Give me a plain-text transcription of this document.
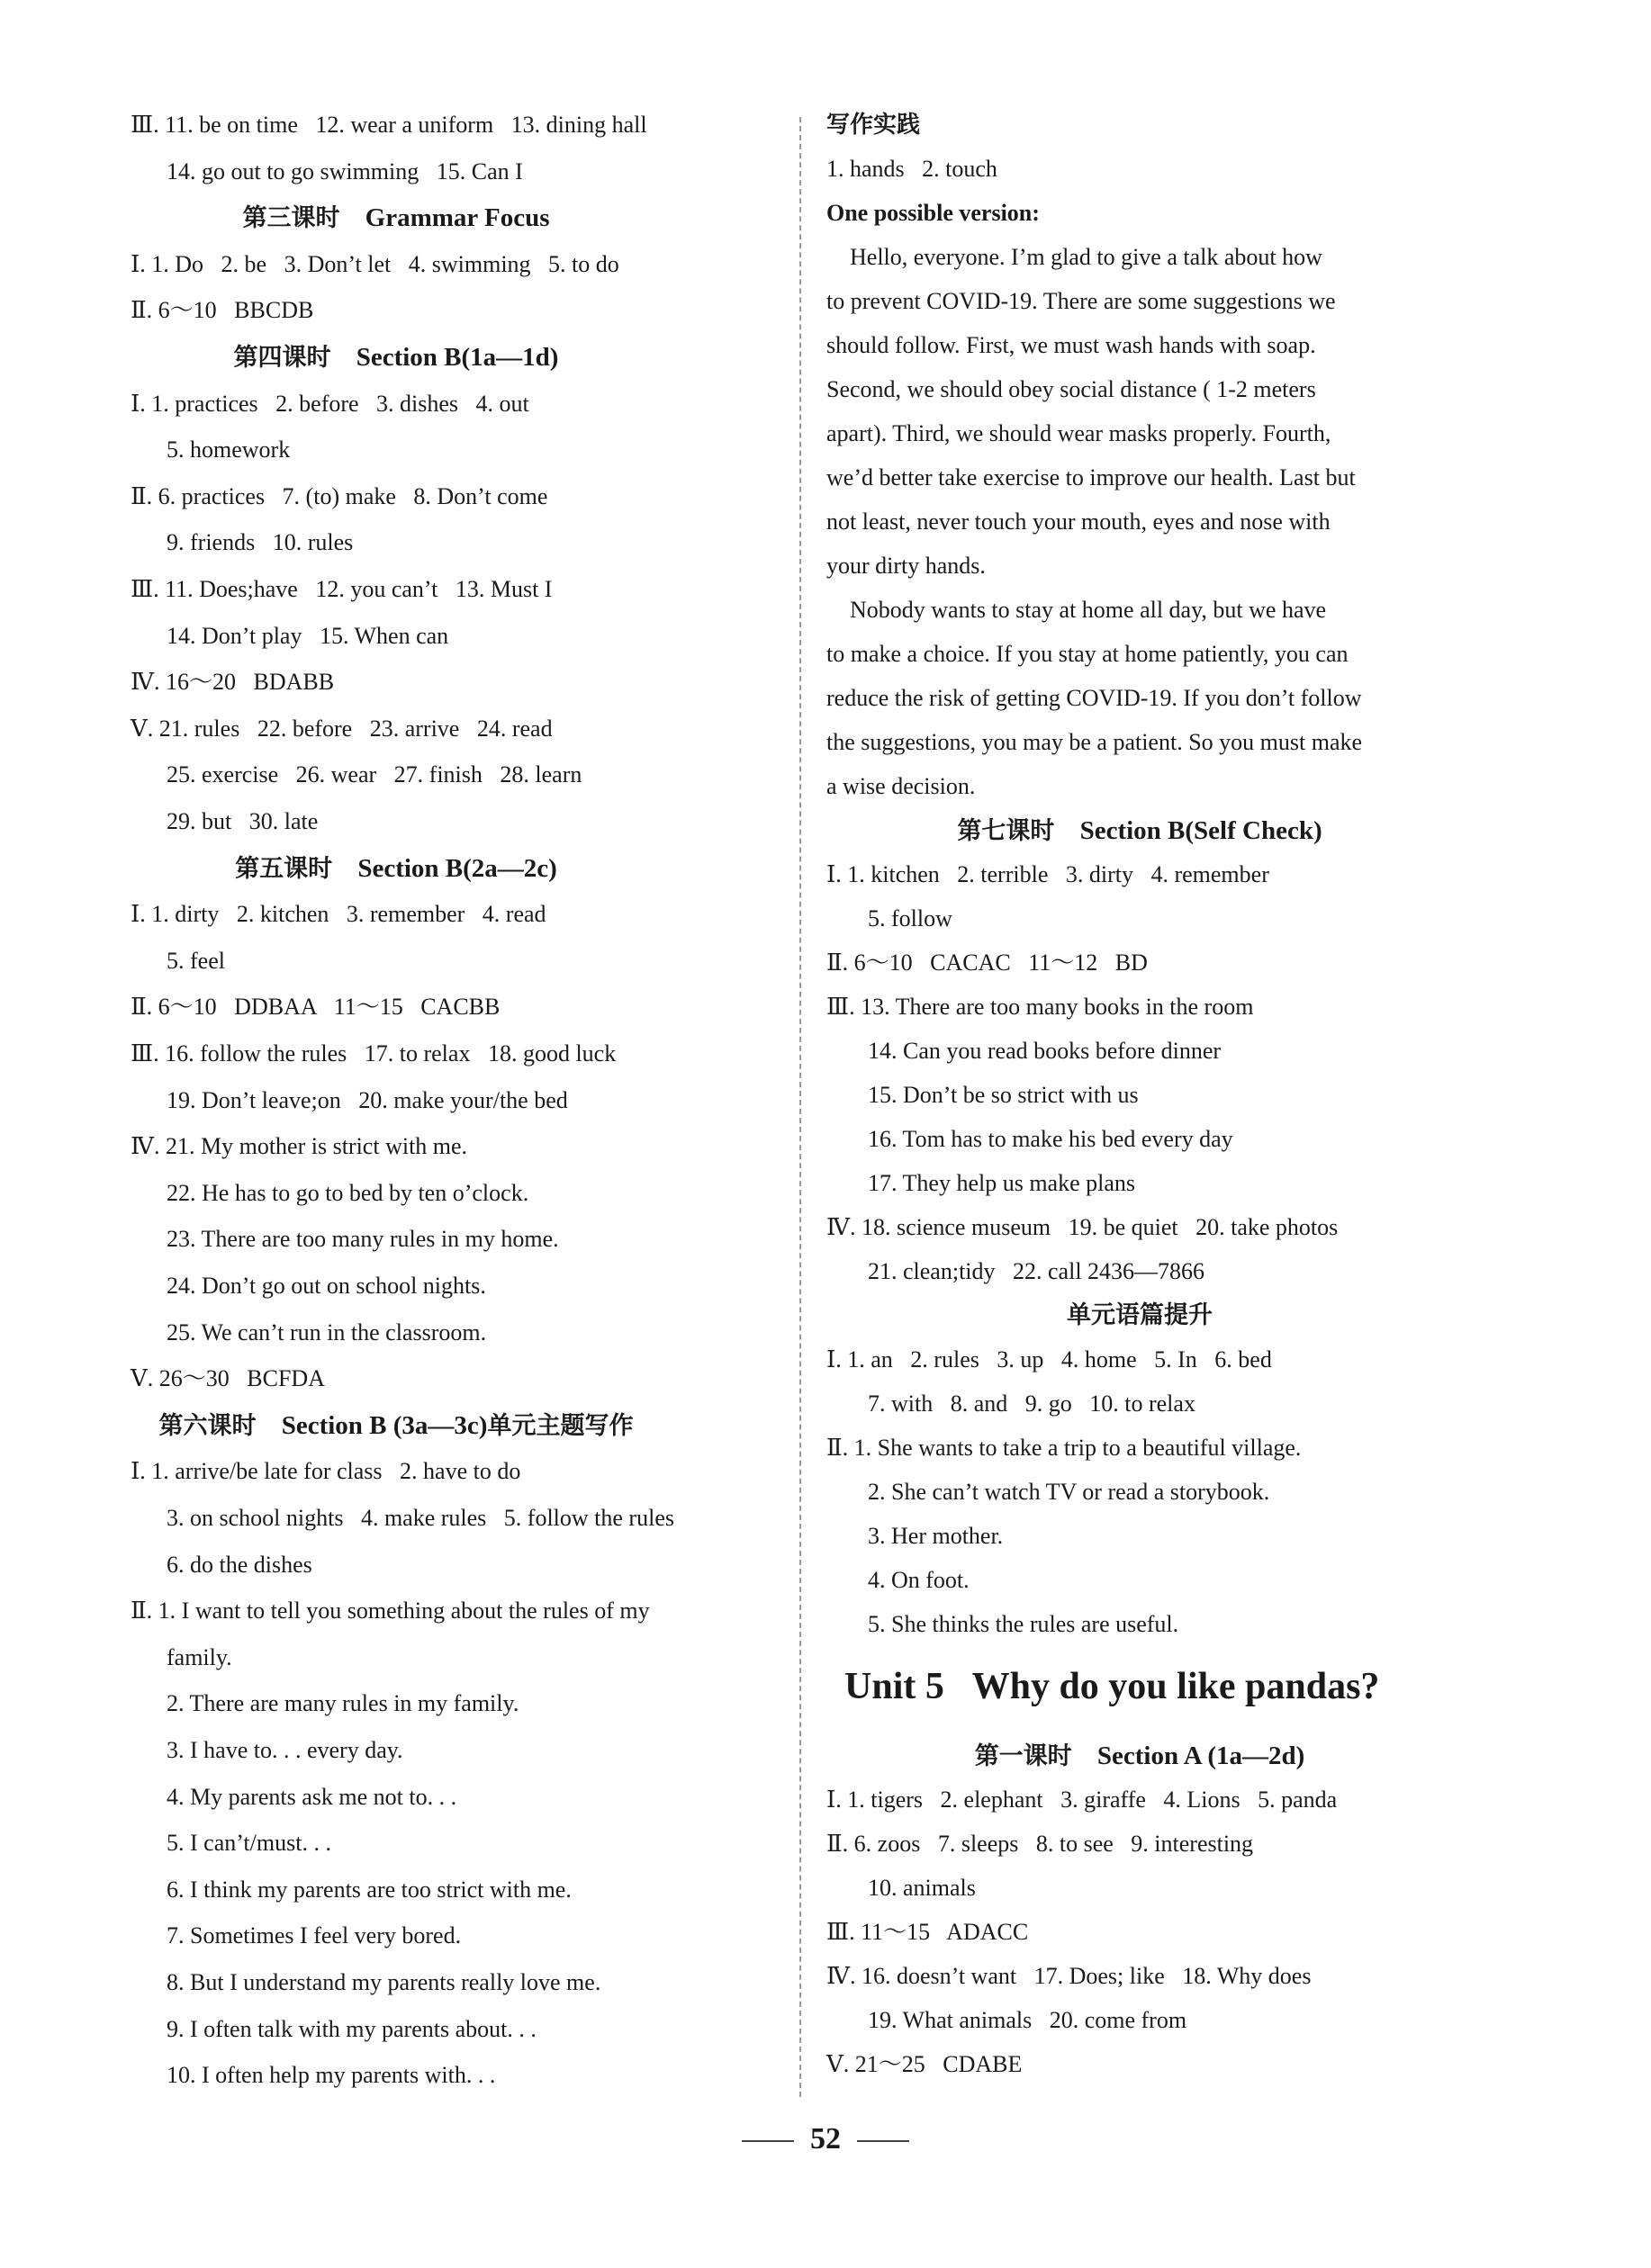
Ⅲ. 11. be on time   12. wear a uniform   13. dining hall
14. go out to go swimming   15. Can I
第三课时 Grammar Focus
Ⅰ. 1. Do   2. be   3. Don’t let   4. swimming   5. to do
Ⅱ. 6～10   BBCDB
第四课时 Section B(1a—1d)
Ⅰ. 1. practices   2. before   3. dishes   4. out
5. homework
Ⅱ. 6. practices   7. (to) make   8. Don’t come
9. friends   10. rules
Ⅲ. 11. Does;have   12. you can’t   13. Must I
14. Don’t play   15. When can
Ⅳ. 16～20   BDABB
Ⅴ. 21. rules   22. before   23. arrive   24. read
25. exercise   26. wear   27. finish   28. learn
29. but   30. late
第五课时 Section B(2a—2c)
Ⅰ. 1. dirty   2. kitchen   3. remember   4. read
5. feel
Ⅱ. 6～10   DDBAA   11～15   CACBB
Ⅲ. 16. follow the rules   17. to relax   18. good luck
19. Don’t leave;on   20. make your/the bed
Ⅳ. 21. My mother is strict with me.
22. He has to go to bed by ten o’clock.
23. There are too many rules in my home.
24. Don’t go out on school nights.
25. We can’t run in the classroom.
Ⅴ. 26～30   BCFDA
第六课时 Section B (3a—3c)单元主题写作
Ⅰ. 1. arrive/be late for class   2. have to do
3. on school nights   4. make rules   5. follow the rules
6. do the dishes
Ⅱ. 1. I want to tell you something about the rules of my
family.
2. There are many rules in my family.
3. I have to. . . every day.
4. My parents ask me not to. . .
5. I can’t/must. . .
6. I think my parents are too strict with me.
7. Sometimes I feel very bored.
8. But I understand my parents really love me.
9. I often talk with my parents about. . .
10. I often help my parents with. . .
写作实践
1. hands   2. touch
One possible version:
Hello, everyone. I’m glad to give a talk about how
to prevent COVID-19. There are some suggestions we
should follow. First, we must wash hands with soap.
Second, we should obey social distance ( 1-2 meters
apart). Third, we should wear masks properly. Fourth,
we’d better take exercise to improve our health. Last but
not least, never touch your mouth, eyes and nose with
your dirty hands.
Nobody wants to stay at home all day, but we have
to make a choice. If you stay at home patiently, you can
reduce the risk of getting COVID-19. If you don’t follow
the suggestions, you may be a patient. So you must make
a wise decision.
第七课时 Section B(Self Check)
Ⅰ. 1. kitchen   2. terrible   3. dirty   4. remember
5. follow
Ⅱ. 6～10   CACAC   11～12   BD
Ⅲ. 13. There are too many books in the room
14. Can you read books before dinner
15. Don’t be so strict with us
16. Tom has to make his bed every day
17. They help us make plans
Ⅳ. 18. science museum   19. be quiet   20. take photos
21. clean;tidy   22. call 2436—7866
单元语篇提升
Ⅰ. 1. an   2. rules   3. up   4. home   5. In   6. bed
7. with   8. and   9. go   10. to relax
Ⅱ. 1. She wants to take a trip to a beautiful village.
2. She can’t watch TV or read a storybook.
3. Her mother.
4. On foot.
5. She thinks the rules are useful.
Unit 5   Why do you like pandas?
第一课时 Section A (1a—2d)
Ⅰ. 1. tigers   2. elephant   3. giraffe   4. Lions   5. panda
Ⅱ. 6. zoos   7. sleeps   8. to see   9. interesting
10. animals
Ⅲ. 11～15   ADACC
Ⅳ. 16. doesn’t want   17. Does; like   18. Why does
19. What animals   20. come from
Ⅴ. 21～25   CDABE
52
